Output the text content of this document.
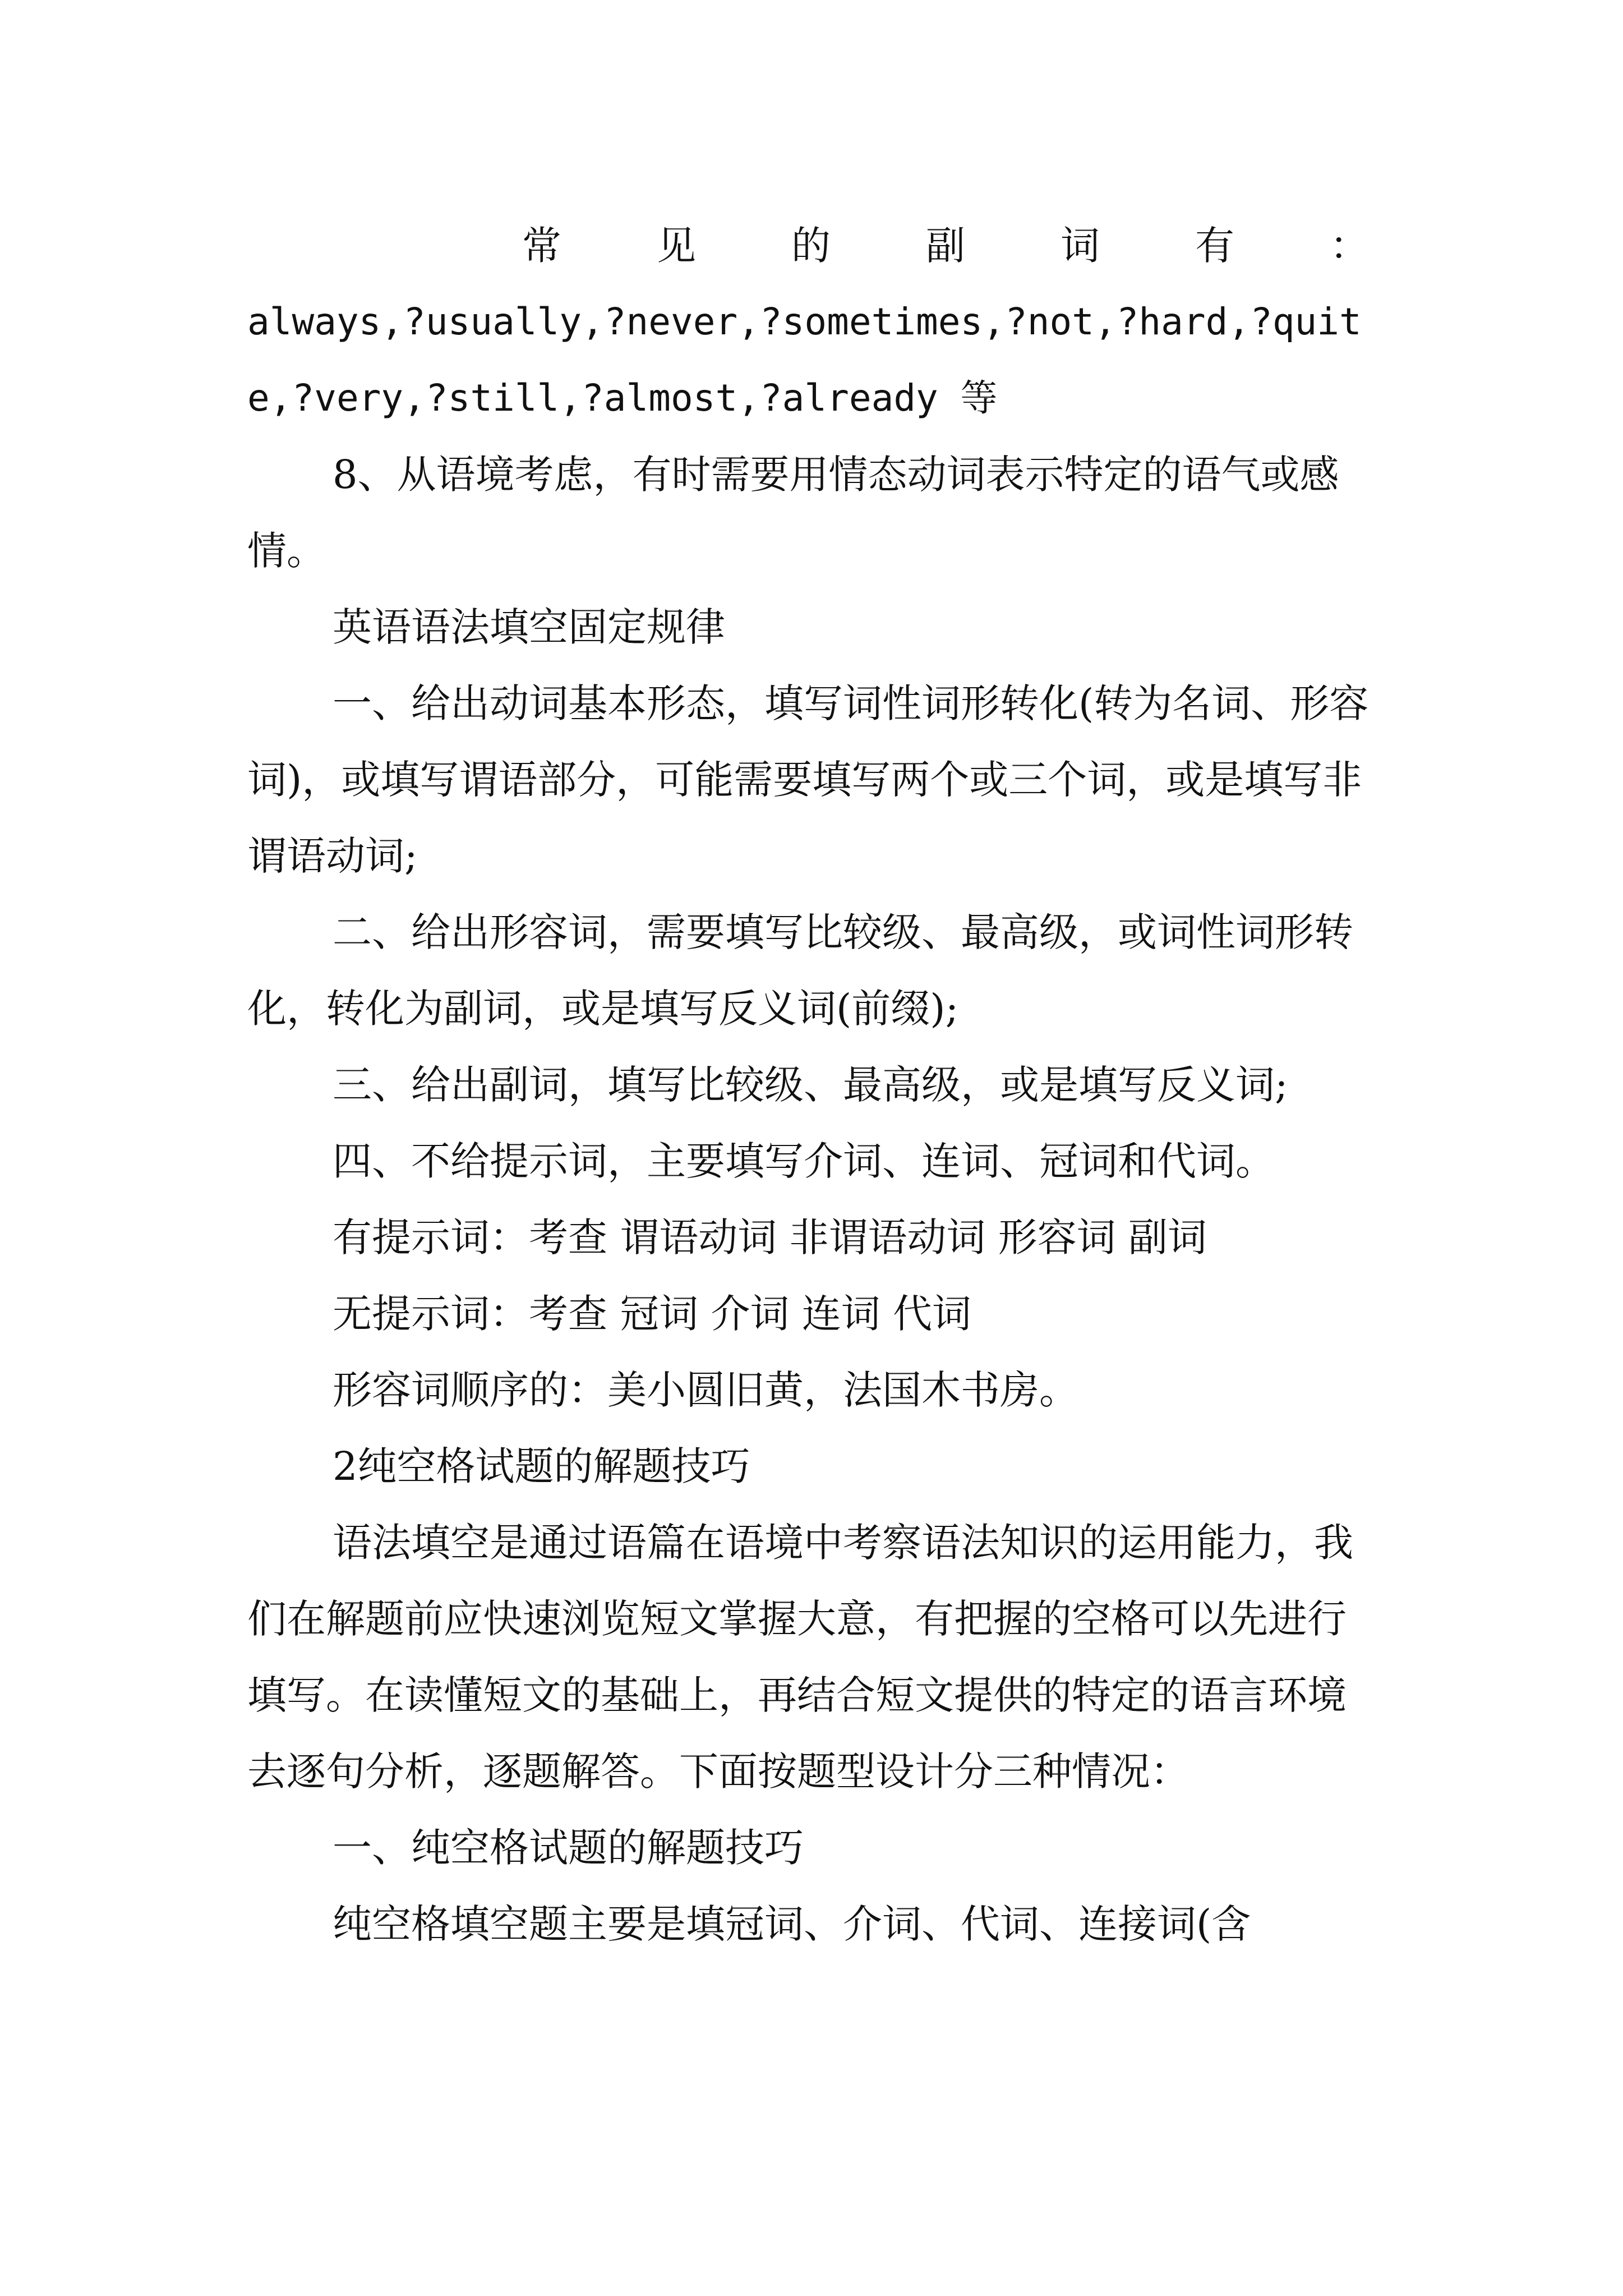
常 见 的 副 词 有 ：

always,?usually,?never,?sometimes,?not,?hard,?quite,?very,?still,?almost,?already 等

8、从语境考虑，有时需要用情态动词表示特定的语气或感情。

英语语法填空固定规律

一、给出动词基本形态，填写词性词形转化(转为名词、形容词)，或填写谓语部分，可能需要填写两个或三个词，或是填写非谓语动词;

二、给出形容词，需要填写比较级、最高级，或词性词形转化，转化为副词，或是填写反义词(前缀);

三、给出副词，填写比较级、最高级，或是填写反义词;

四、不给提示词，主要填写介词、连词、冠词和代词。

有提示词：考查 谓语动词 非谓语动词 形容词 副词

无提示词：考查 冠词 介词 连词 代词

形容词顺序的：美小圆旧黄，法国木书房。

2纯空格试题的解题技巧

语法填空是通过语篇在语境中考察语法知识的运用能力，我们在解题前应快速浏览短文掌握大意，有把握的空格可以先进行填写。在读懂短文的基础上，再结合短文提供的特定的语言环境去逐句分析，逐题解答。下面按题型设计分三种情况：

一、纯空格试题的解题技巧

纯空格填空题主要是填冠词、介词、代词、连接词(含
